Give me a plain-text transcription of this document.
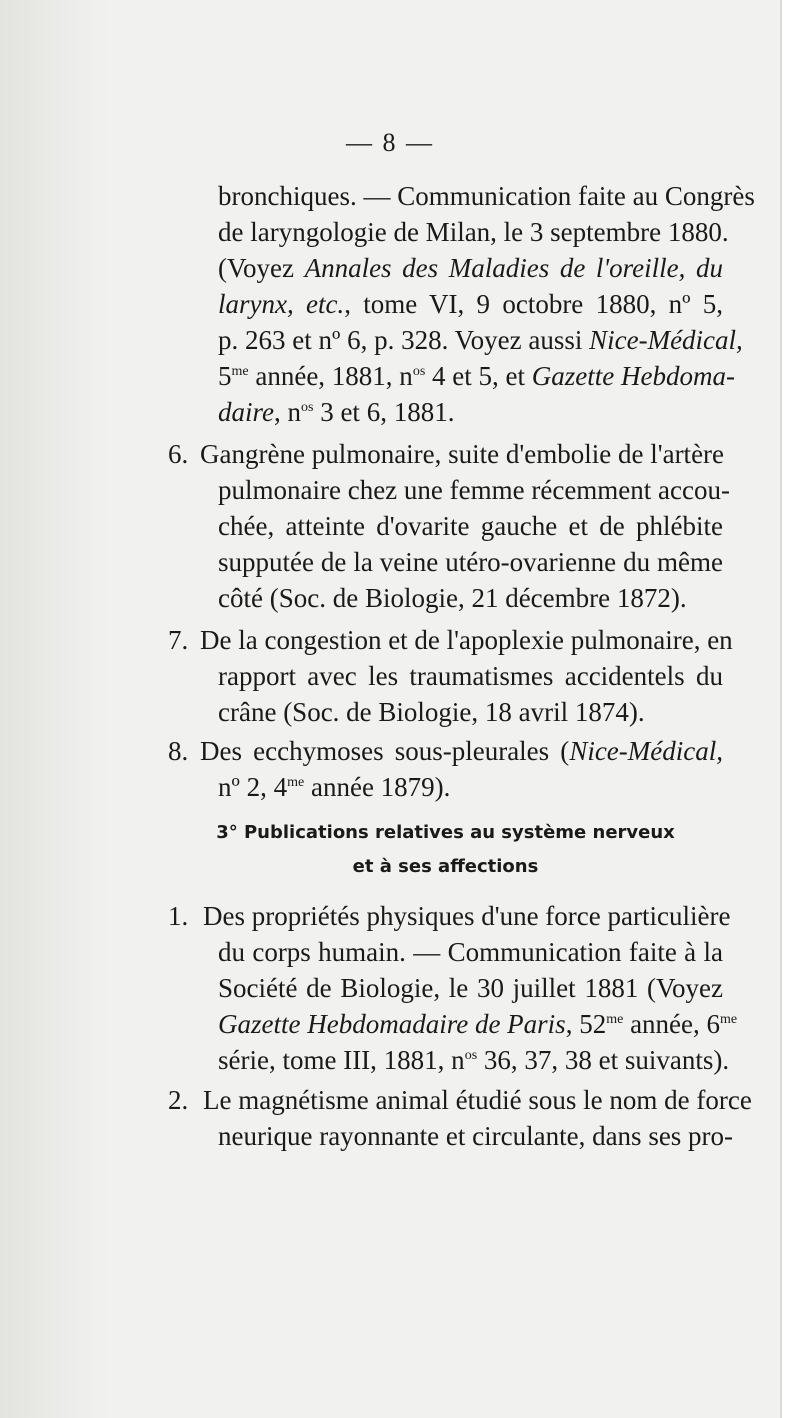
— 8 —
bronchiques. — Communication faite au Congrès
de laryngologie de Milan, le 3 septembre 1880.
(Voyez Annales des Maladies de l'oreille, du
larynx, etc., tome VI, 9 octobre 1880, nº 5,
p. 263 et nº 6, p. 328. Voyez aussi Nice-Médical,
$5^{me}$ année, 1881, $n^{os}$ 4 et 5, et Gazette Hebdoma-
daire, $n^{os}$ 3 et 6, 1881.
6. Gangrène pulmonaire, suite d'embolie de l'artère
pulmonaire chez une femme récemment accou-
chée, atteinte d'ovarite gauche et de phlébite
supputée de la veine utéro-ovarienne du même
côté (Soc. de Biologie, 21 décembre 1872).
7. De la congestion et de l'apoplexie pulmonaire, en
rapport avec les traumatismes accidentels du
crâne (Soc. de Biologie, 18 avril 1874).
8. Des ecchymoses sous-pleurales (Nice-Médical,
nº 2, $4^{me}$ année 1879).
3° Publications relatives au système nerveux
et à ses affections
1. Des propriétés physiques d'une force particulière
du corps humain. — Communication faite à la
Société de Biologie, le 30 juillet 1881 (Voyez
Gazette Hebdomadaire de Paris, $52^{me}$ année, $6^{me}$
série, tome III, 1881, $n^{os}$ 36, 37, 38 et suivants).
2. Le magnétisme animal étudié sous le nom de force
neurique rayonnante et circulante, dans ses pro-
